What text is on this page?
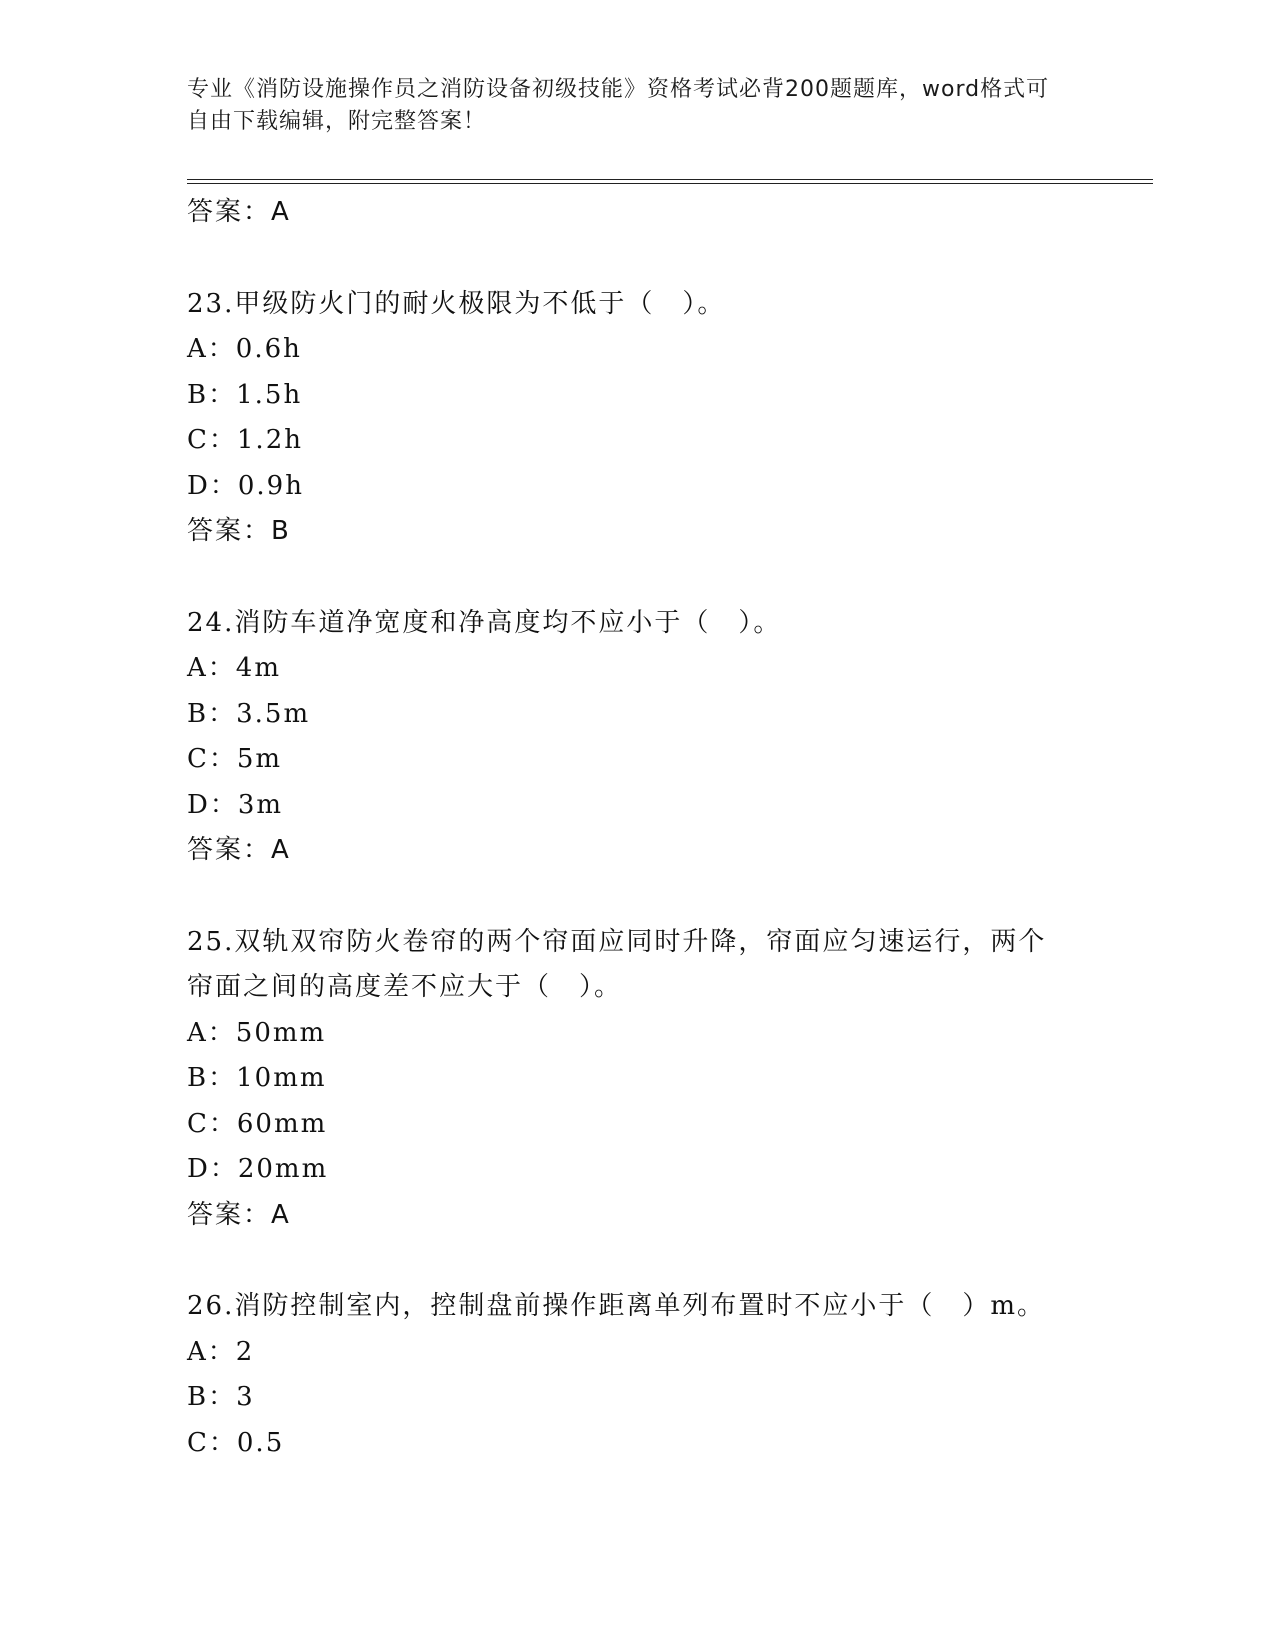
专业《消防设施操作员之消防设备初级技能》资格考试必背200题题库，word格式可自由下载编辑，附完整答案！
答案：A
23.甲级防火门的耐火极限为不低于（　）。
A：0.6h
B：1.5h
C：1.2h
D：0.9h
答案：B
24.消防车道净宽度和净高度均不应小于（　）。
A：4m
B：3.5m
C：5m
D：3m
答案：A
25.双轨双帘防火卷帘的两个帘面应同时升降，帘面应匀速运行，两个帘面之间的高度差不应大于（　）。
A：50mm
B：10mm
C：60mm
D：20mm
答案：A
26.消防控制室内，控制盘前操作距离单列布置时不应小于（　）m。
A：2
B：3
C：0.5
